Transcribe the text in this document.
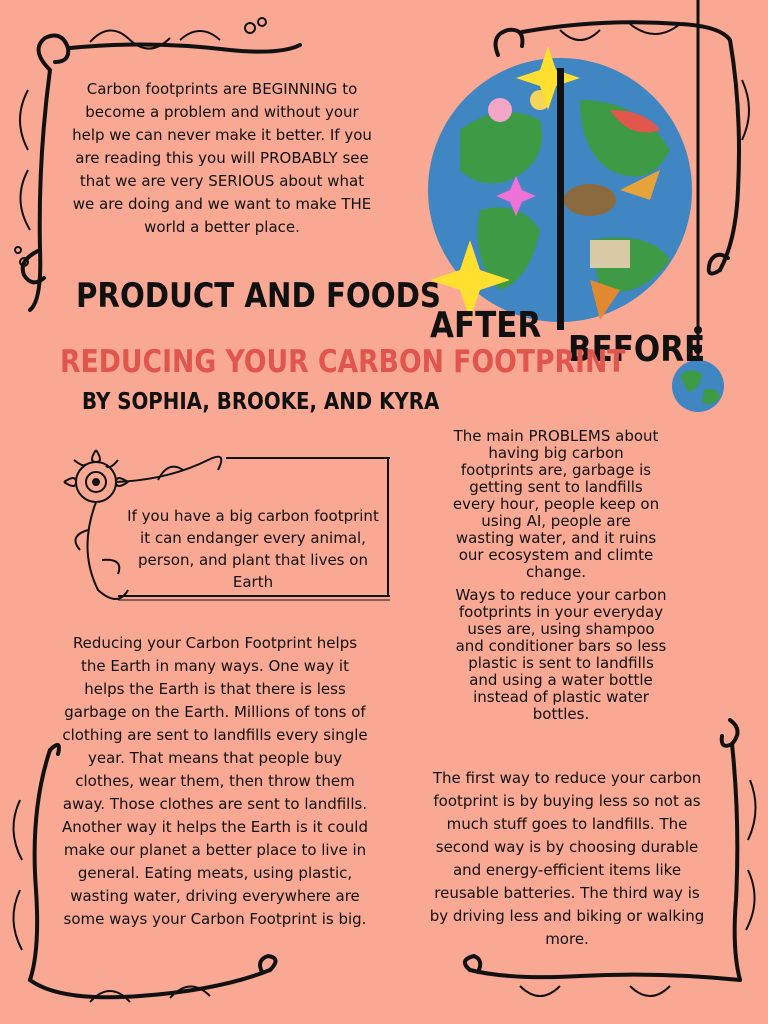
Carbon footprints are BEGINNING to become a problem and without your help we can never make it better. If you are reading this you will PROBABLY see that we are very SERIOUS about what we are doing and we want to make THE world a better place.
AFTER
BEFORE
PRODUCT AND FOODS
REDUCING YOUR CARBON FOOTPRINT
BY SOPHIA, BROOKE, AND KYRA
If you have a big carbon footprint it can endanger every animal, person, and plant that lives on Earth
The main PROBLEMS about having big carbon footprints are, garbage is getting sent to landfills every hour, people keep on using AI, people are wasting water, and it ruins our ecosystem and climte change.
Ways to reduce your carbon footprints in your everyday uses are, using shampoo and conditioner bars so less plastic is sent to landfills and using a water bottle instead of plastic water bottles.
Reducing your Carbon Footprint helps the Earth in many ways. One way it helps the Earth is that there is less garbage on the Earth. Millions of tons of clothing are sent to landfills every single year. That means that people buy clothes, wear them, then throw them away. Those clothes are sent to landfills. Another way it helps the Earth is it could make our planet a better place to live in general. Eating meats, using plastic, wasting water, driving everywhere are some ways your Carbon Footprint is big.
The first way to reduce your carbon footprint is by buying less so not as much stuff goes to landfills. The second way is by choosing durable and energy-efficient items like reusable batteries. The third way is by driving less and biking or walking more.
